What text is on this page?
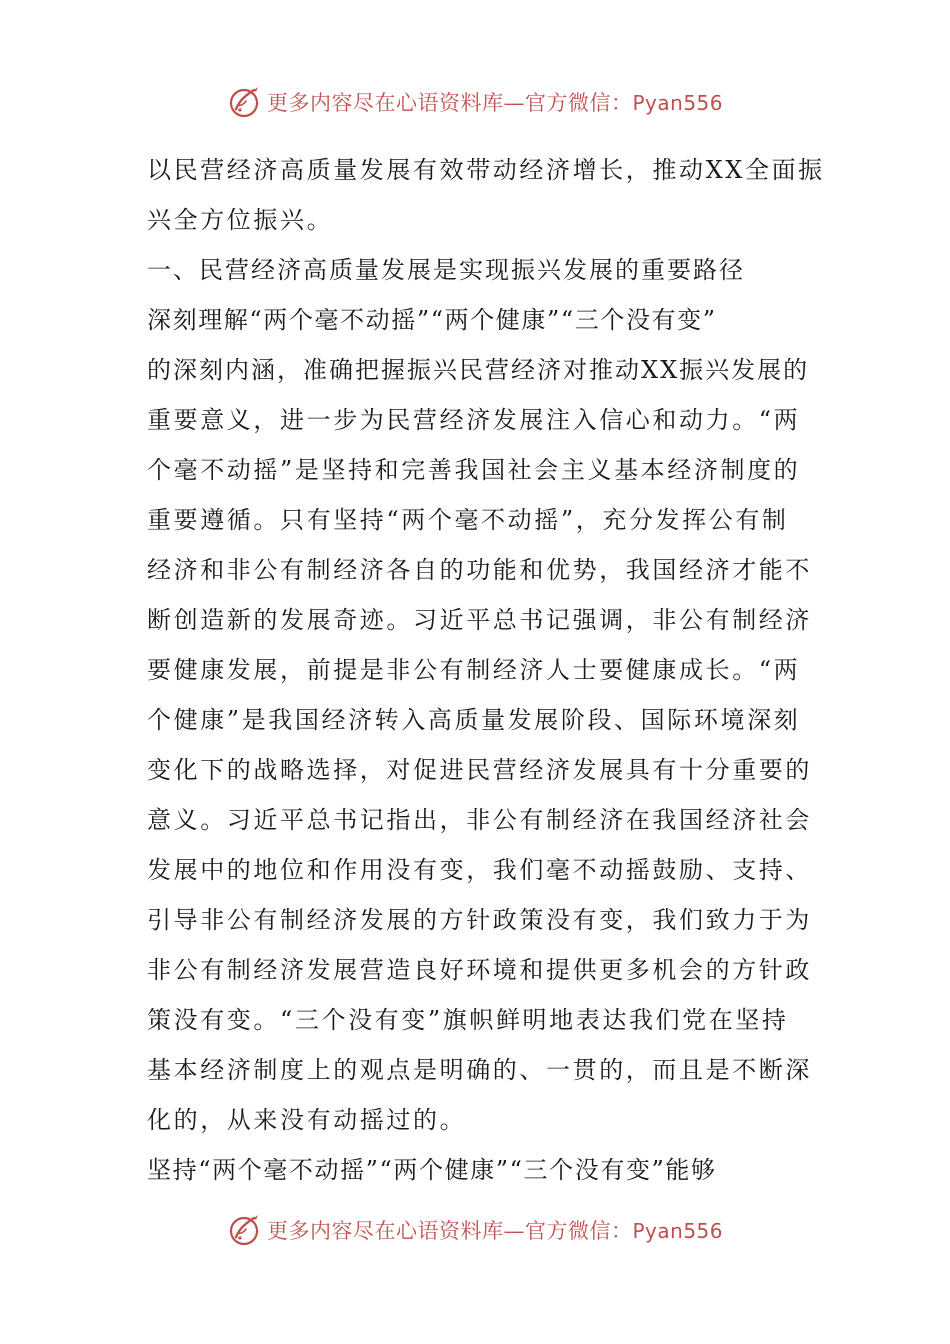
更多内容尽在心语资料库—官方微信：Pyan556
以民营经济高质量发展有效带动经济增长，推动XX全面振
兴全方位振兴。
一、民营经济高质量发展是实现振兴发展的重要路径
深刻理解“两个毫不动摇”“两个健康”“三个没有变”
的深刻内涵，准确把握振兴民营经济对推动XX振兴发展的
重要意义，进一步为民营经济发展注入信心和动力。“两
个毫不动摇”是坚持和完善我国社会主义基本经济制度的
重要遵循。只有坚持“两个毫不动摇”，充分发挥公有制
经济和非公有制经济各自的功能和优势，我国经济才能不
断创造新的发展奇迹。习近平总书记强调，非公有制经济
要健康发展，前提是非公有制经济人士要健康成长。“两
个健康”是我国经济转入高质量发展阶段、国际环境深刻
变化下的战略选择，对促进民营经济发展具有十分重要的
意义。习近平总书记指出，非公有制经济在我国经济社会
发展中的地位和作用没有变，我们毫不动摇鼓励、支持、
引导非公有制经济发展的方针政策没有变，我们致力于为
非公有制经济发展营造良好环境和提供更多机会的方针政
策没有变。“三个没有变”旗帜鲜明地表达我们党在坚持
基本经济制度上的观点是明确的、一贯的，而且是不断深
化的，从来没有动摇过的。
坚持“两个毫不动摇”“两个健康”“三个没有变”能够
更多内容尽在心语资料库—官方微信：Pyan556
